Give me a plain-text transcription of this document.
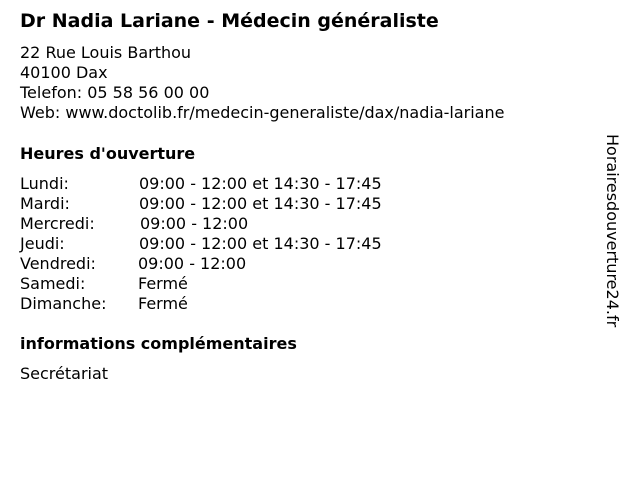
Dr Nadia Lariane - Médecin généraliste
22 Rue Louis Barthou
40100 Dax
Telefon: 05 58 56 00 00
Web: www.doctolib.fr/medecin-generaliste/dax/nadia-lariane
Heures d'ouverture
Lundi:	09:00 - 12:00 et 14:30 - 17:45
Mardi:	09:00 - 12:00 et 14:30 - 17:45
Mercredi:	09:00 - 12:00
Jeudi:	09:00 - 12:00 et 14:30 - 17:45
Vendredi:	09:00 - 12:00
Samedi:	Fermé
Dimanche: Fermé
informations complémentaires
Secrétariat
Horairesdouverture24.fr
